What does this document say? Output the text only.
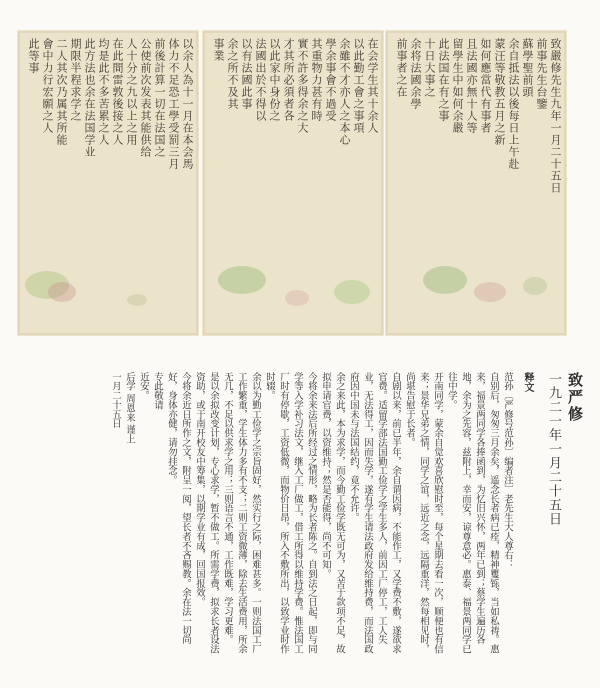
以余人為十一月在本会馬
体力不足恐工學受罰三月
前後計算一切在法国之
公使前次发表其能供给
人十分之九以上之用
在此間雷敦後接之人
均是此不多苦累之人
此方法也余在法国学业
期限半程求学之
二人其次乃属其所能
會中力行宏願之人
此等事	在会学生其十余人
以此勤工會之事項
余雖不才亦人之本心
學余事會不過受
其重物力甚有時
實不許多得余之大
才其所必須者各
以此家中身份之
法國出於不得以
以有法國此事
余之所不及其
事業	致嚴修先生九年一月二十五日
前事先生台鑒
蘇學聖前頭
余自抵法以後每日上午赴
蒙汪等敬教五月之新
如何應當代有事者
且法國亦無十人等
留學生中如何余嚴
此法国在有之事
十日大事之
余将法國余學
前事者之在
致严修
一九二一年一月二十五日
释文
范孙〔严修号范孙〕编者注〕老先生大人尊右：
自别后，匆匆三月余矣，遥念长者病已痊，精神矍铄，当如私祷。惠来，福景两同学各捧函到，为忆旧兴怀，两年已到；蔡学生遍历各地，余为之先容，兹附上，幸而安，谅尊意必。惠泰、福景两同学已往中学。
开南同学，蒙余自觉欢喜欣慰时至，每个星期去看一次，顺便也有信来；景华兄弟之情，同学之谊，远近之念，远隔重洋，然每相见时，尚堪告慰于长者。
自剧以来，前已半年，余自谓因病，不能作工，又学费不敷，遂欲求官费。适留学部法国勤工俭学之学生多人，前因工厂停工，工人失业，无法得工，因而失学，遂有学生请法政府发给维持费，而法国政府因中国未与法国结约，竟不允许。
余之来此，本为求学，而今勤工俭学既无可为，又苦于款项不足，故拟申请官费，以资维持；然是否能得，尚不可知。
今将余来法后所经过之情形，略为长者陈之。自到法之日起，即与同学等入学补习法文，继入工厂做工，借工所得以维持学费。惟法国工厂时有停歇，工资低微，而物价日昂，所入不敷所出，以致学业时作时辍。
余以为勤工俭学之宗旨固好，然实行之际，困难甚多。一则法国工厂工作繁重，学生体力多有不支；二则工资微薄，除去生活费用，所余无几，不足以供求学之用；三则语言不通，工作既难，学习更难。
是以余拟改变计划，专心求学，暂不做工。所需学费，拟求长者设法资助，或于南开校友中筹集，以期学业有成，回国报效。
今将余近日所作之文，附呈一阅，望长者不吝赐教。余在法一切尚好，身体亦健，请勿挂念。
专此敬请
近安。
后学 周恩来 谨上
一月二十五日
